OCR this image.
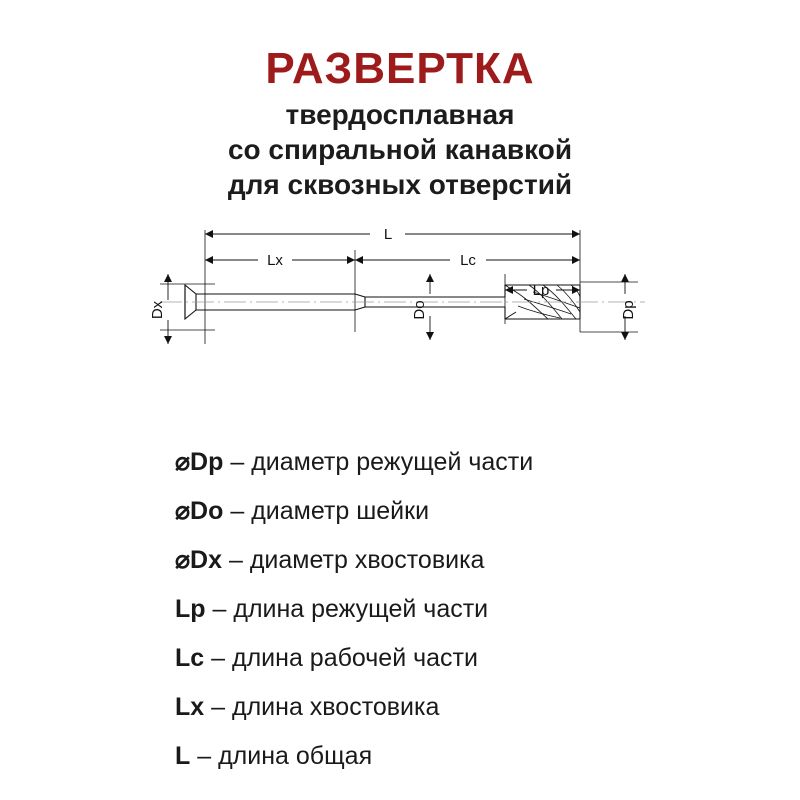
РАЗВЕРТКА
твердосплавная
со спиральной канавкой
для сквозных отверстий
L
Lx	Lc
Lp
Dx	Do	Dp
⌀Dp – диаметр режущей части
⌀Do – диаметр шейки
⌀Dx – диаметр хвостовика
Lp – длина режущей части
Lc – длина рабочей части
Lx – длина хвостовика
L – длина общая
